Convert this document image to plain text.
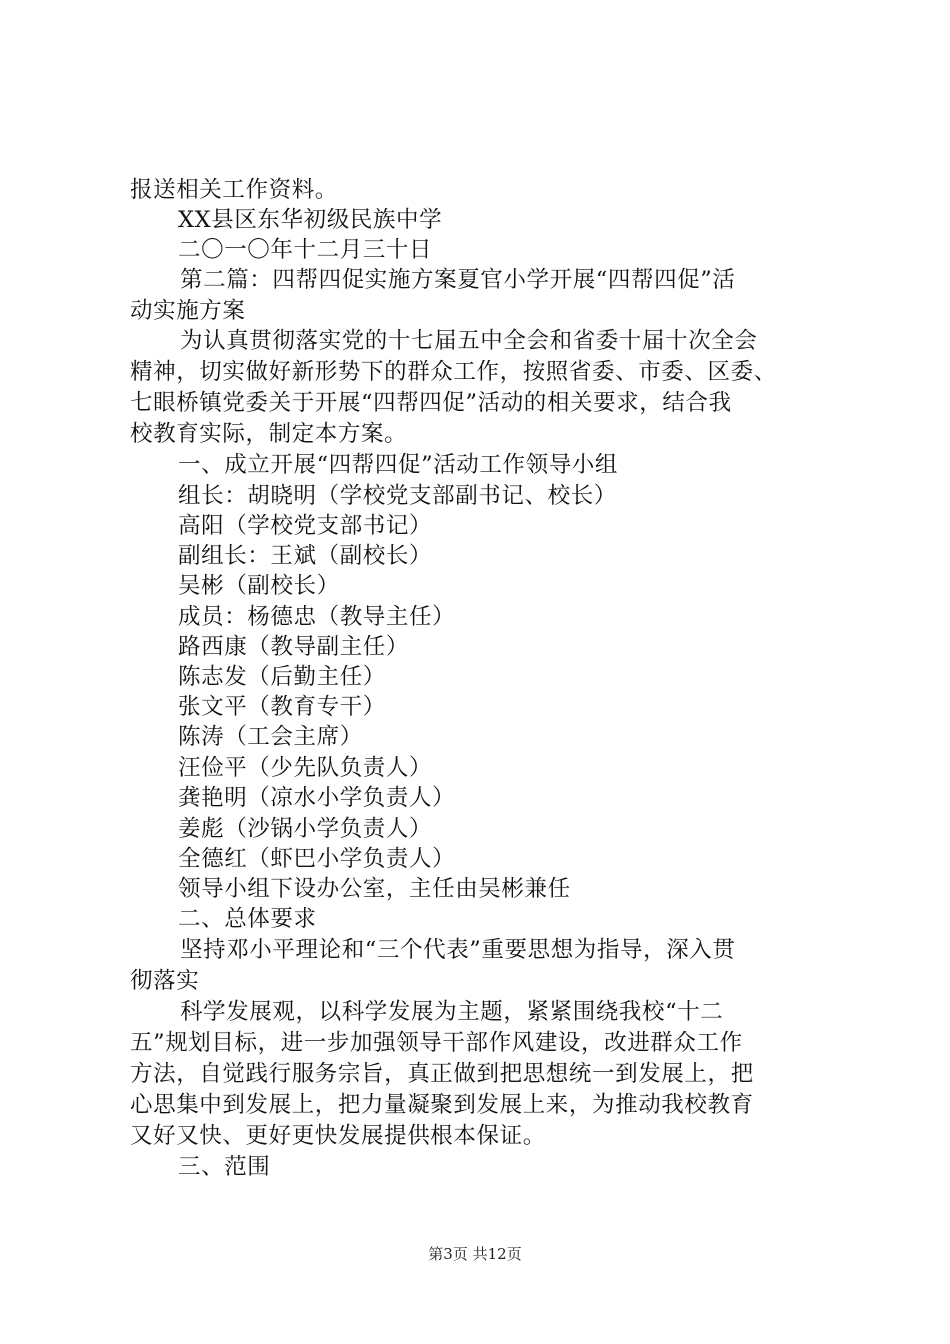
报送相关工作资料。
XX县区东华初级民族中学
二〇一〇年十二月三十日
第二篇：四帮四促实施方案夏官小学开展“四帮四促”活
动实施方案
为认真贯彻落实党的十七届五中全会和省委十届十次全会
精神，切实做好新形势下的群众工作，按照省委、市委、区委、
七眼桥镇党委关于开展“四帮四促”活动的相关要求，结合我
校教育实际，制定本方案。
一、成立开展“四帮四促”活动工作领导小组
组长：胡晓明（学校党支部副书记、校长）
高阳（学校党支部书记）
副组长：王斌（副校长）
吴彬（副校长）
成员：杨德忠（教导主任）
路西康（教导副主任）
陈志发（后勤主任）
张文平（教育专干）
陈涛（工会主席）
汪俭平（少先队负责人）
龚艳明（凉水小学负责人）
姜彪（沙锅小学负责人）
全德红（虾巴小学负责人）
领导小组下设办公室，主任由吴彬兼任
二、总体要求
坚持邓小平理论和“三个代表”重要思想为指导，深入贯
彻落实
科学发展观，以科学发展为主题，紧紧围绕我校“十二
五”规划目标，进一步加强领导干部作风建设，改进群众工作
方法，自觉践行服务宗旨，真正做到把思想统一到发展上，把
心思集中到发展上，把力量凝聚到发展上来，为推动我校教育
又好又快、更好更快发展提供根本保证。
三、范围
第3页 共12页
